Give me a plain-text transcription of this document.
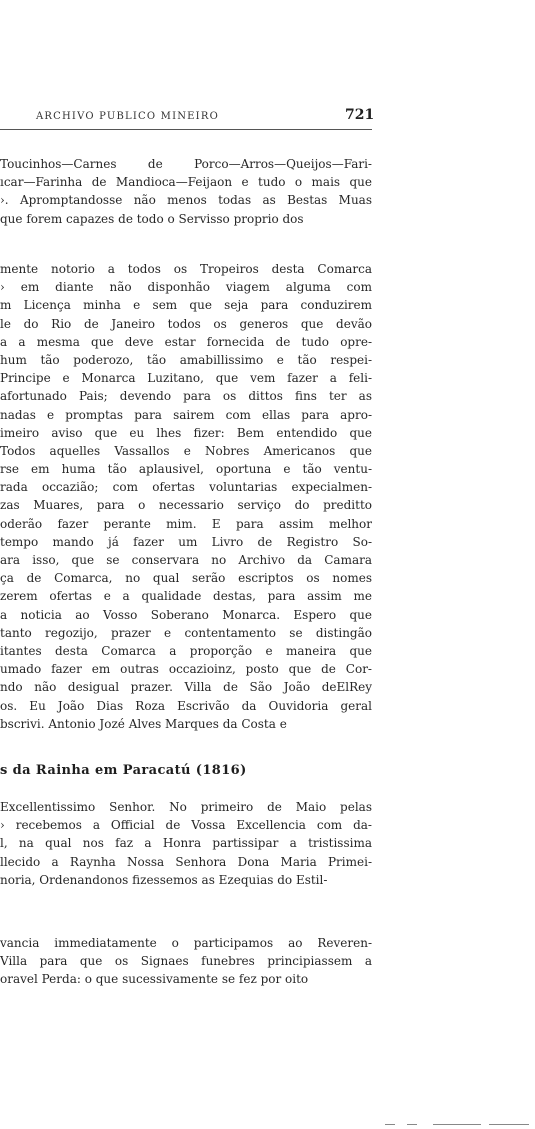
ARCHIVO PUBLICO MINEIRO	721
Toucinhos—Carnes de Porco—Arros—Queijos—Fari-
ıcar—Farinha de Mandioca—Feijaon e tudo o mais que
›. Apromptandosse não menos todas as Bestas Muas
que forem capazes de todo o Servisso proprio dos
mente notorio a todos os Tropeiros desta Comarca
› em diante não disponhão viagem alguma com
m Licença minha e sem que seja para conduzirem
le do Rio de Janeiro todos os generos que devão
a a mesma que deve estar fornecida de tudo opre-
hum tão poderozo, tão amabillissimo e tão respei-
Principe e Monarca Luzitano, que vem fazer a feli-
afortunado Pais; devendo para os dittos fins ter as
nadas e promptas para sairem com ellas para apro-
imeiro aviso que eu lhes fizer: Bem entendido que
Todos aquelles Vassallos e Nobres Americanos que
rse em huma tão aplausivel, oportuna e tão ventu-
rada occazião; com ofertas voluntarias expecialmen-
zas Muares, para o necessario serviço do preditto
oderão fazer perante mim. E para assim melhor
tempo mando já fazer um Livro de Registro So-
ara isso, que se conservara no Archivo da Camara
ça de Comarca, no qual serão escriptos os nomes
zerem ofertas e a qualidade destas, para assim me
a noticia ao Vosso Soberano Monarca. Espero que
tanto regozijo, prazer e contentamento se distingão
itantes desta Comarca a proporção e maneira que
umado fazer em outras occazioinz, posto que de Cor-
ndo não desigual prazer. Villa de São João deElRey
os. Eu João Dias Roza Escrivão da Ouvidoria geral
bscrivi. Antonio Jozé Alves Marques da Costa e
s da Rainha em Paracatú (1816)
Excellentissimo Senhor. No primeiro de Maio pelas
› recebemos a Official de Vossa Excellencia com da-
l, na qual nos faz a Honra partissipar a tristissima
llecido a Raynha Nossa Senhora Dona Maria Primei-
noria, Ordenandonos fizessemos as Ezequias do Estil-
vancia immediatamente o participamos ao Reveren-
Villa para que os Signaes funebres principiassem a
oravel Perda: o que sucessivamente se fez por oito
